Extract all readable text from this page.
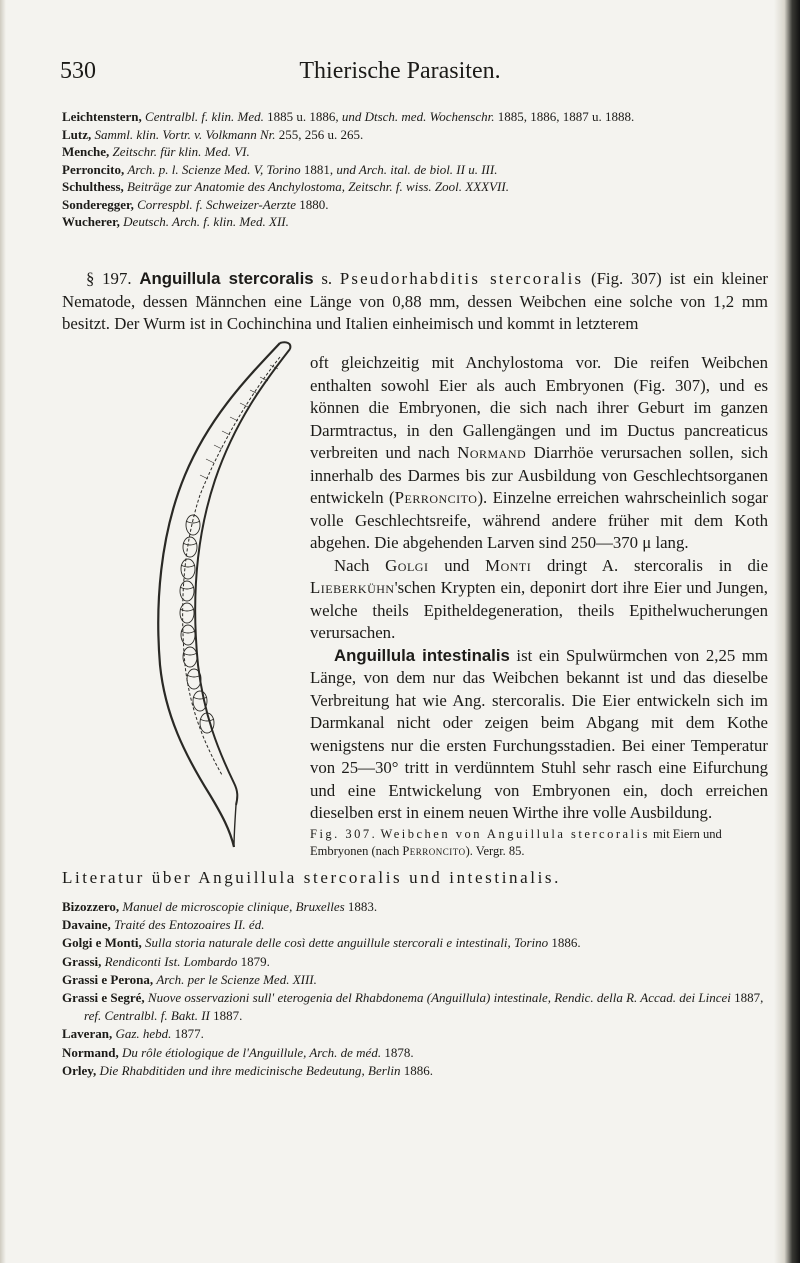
Thierische Parasiten.
530
Leichtenstern, Centralbl. f. klin. Med. 1885 u. 1886, und Dtsch. med. Wochenschr. 1885, 1886, 1887 u. 1888.
Lutz, Samml. klin. Vortr. v. Volkmann Nr. 255, 256 u. 265.
Menche, Zeitschr. für klin. Med. VI.
Perroncito, Arch. p. l. Scienze Med. V, Torino 1881, und Arch. ital. de biol. II u. III.
Schulthess, Beiträge zur Anatomie des Anchylostoma, Zeitschr. f. wiss. Zool. XXXVII.
Sonderegger, Correspbl. f. Schweizer-Aerzte 1880.
Wucherer, Deutsch. Arch. f. klin. Med. XII.

§ 197. Anguillula stercoralis s. Pseudorhabditis stercoralis (Fig. 307) ist ein kleiner Nematode, dessen Männchen eine Länge von 0,88 mm, dessen Weibchen eine solche von 1,2 mm besitzt. Der Wurm ist in Cochinchina und Italien einheimisch und kommt in letzterem

oft gleichzeitig mit Anchylostoma vor. Die reifen Weibchen enthalten sowohl Eier als auch Embryonen (Fig. 307), und es können die Embryonen, die sich nach ihrer Geburt im ganzen Darmtractus, in den Gallengängen und im Ductus pancreaticus verbreiten und nach Normand Diarrhöe verursachen sollen, sich innerhalb des Darmes bis zur Ausbildung von Geschlechtsorganen entwickeln (Perroncito). Einzelne erreichen wahrscheinlich sogar volle Geschlechtsreife, während andere früher mit dem Koth abgehen. Die abgehenden Larven sind 250—370 μ lang.

Nach Golgi und Monti dringt A. stercoralis in die Lieberkühn'schen Krypten ein, deponirt dort ihre Eier und Jungen, welche theils Epitheldegeneration, theils Epithelwucherungen verursachen.

Anguillula intestinalis ist ein Spulwürmchen von 2,25 mm Länge, von dem nur das Weibchen bekannt ist und das dieselbe Verbreitung hat wie Ang. stercoralis. Die Eier entwickeln sich im Darmkanal nicht oder zeigen beim Abgang mit dem Kothe wenigstens nur die ersten Furchungsstadien. Bei einer Temperatur von 25—30° tritt in verdünntem Stuhl sehr rasch eine Eifurchung und eine Entwickelung von Embryonen ein, doch erreichen dieselben erst in einem neuen Wirthe ihre volle Ausbildung.

Fig. 307. Weibchen von Anguillula stercoralis mit Eiern und Embryonen (nach Perroncito). Vergr. 85.
Literatur über Anguillula stercoralis und intestinalis.
Bizozzero, Manuel de microscopie clinique, Bruxelles 1883.
Davaine, Traité des Entozoaires II. éd.
Golgi e Monti, Sulla storia naturale delle così dette anguillule stercorali e intestinali, Torino 1886.
Grassi, Rendiconti Ist. Lombardo 1879.
Grassi e Perona, Arch. per le Scienze Med. XIII.
Grassi e Segré, Nuove osservazioni sull' eterogenia del Rhabdonema (Anguillula) intestinale, Rendic. della R. Accad. dei Lincei 1887, ref. Centralbl. f. Bakt. II 1887.
Laveran, Gaz. hebd. 1877.
Normand, Du rôle étiologique de l'Anguillule, Arch. de méd. 1878.
Orley, Die Rhabditiden und ihre medicinische Bedeutung, Berlin 1886.
